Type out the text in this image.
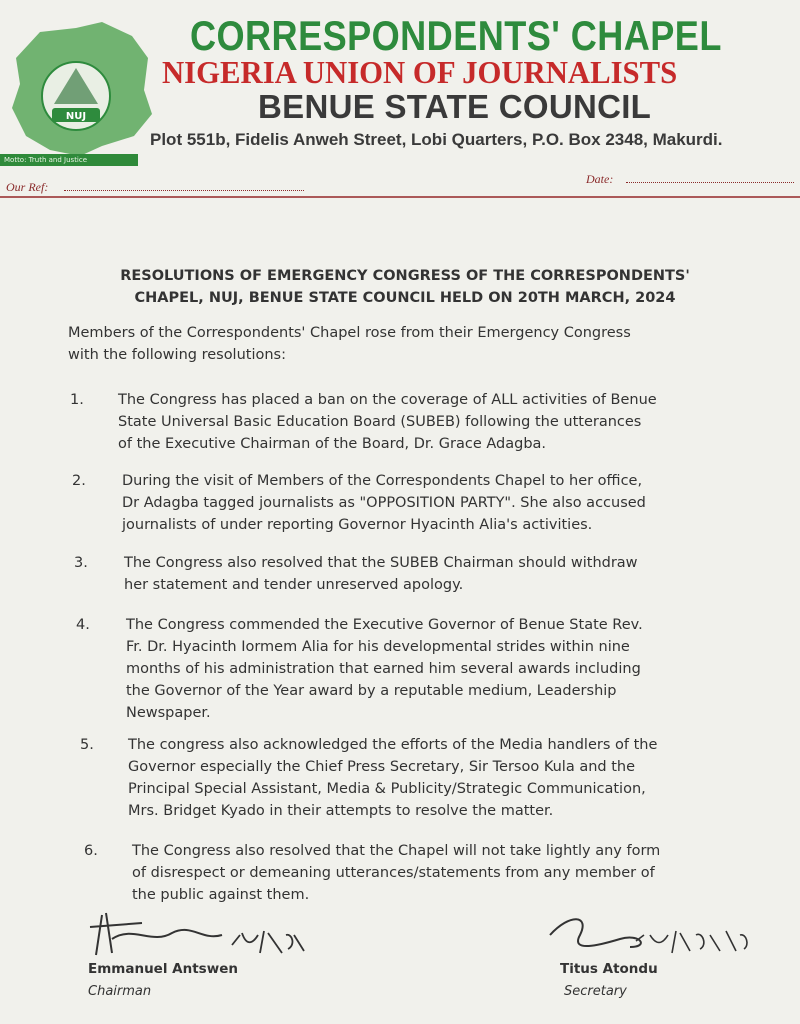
NUJ
Motto: Truth and Justice
CORRESPONDENTS' CHAPEL
NIGERIA UNION OF JOURNALISTS
BENUE STATE COUNCIL
Plot 551b, Fidelis Anweh Street, Lobi Quarters, P.O. Box 2348, Makurdi.
Our Ref:
Date:
RESOLUTIONS OF EMERGENCY CONGRESS OF THE CORRESPONDENTS'
CHAPEL, NUJ, BENUE STATE COUNCIL HELD ON 20TH MARCH, 2024
Members of the Correspondents' Chapel rose from their Emergency Congress
with the following resolutions:
1. The Congress has placed a ban on the coverage of ALL activities of Benue
State Universal Basic Education Board (SUBEB) following the utterances
of the Executive Chairman of the Board, Dr. Grace Adagba.
2. During the visit of Members of the Correspondents Chapel to her office,
Dr Adagba tagged journalists as "OPPOSITION PARTY". She also accused
journalists of under reporting Governor Hyacinth Alia's activities.
3. The Congress also resolved that the SUBEB Chairman should withdraw
her statement and tender unreserved apology.
4. The Congress commended the Executive Governor of Benue State Rev.
Fr. Dr. Hyacinth Iormem Alia for his developmental strides within nine
months of his administration that earned him several awards including
the Governor of the Year award by a reputable medium, Leadership
Newspaper.
5. The congress also acknowledged the efforts of the Media handlers of the
Governor especially the Chief Press Secretary, Sir Tersoo Kula and the
Principal Special Assistant, Media & Publicity/Strategic Communication,
Mrs. Bridget Kyado in their attempts to resolve the matter.
6. The Congress also resolved that the Chapel will not take lightly any form
of disrespect or demeaning utterances/statements from any member of
the public against them.
Emmanuel Antswen
Chairman
Titus Atondu
Secretary
